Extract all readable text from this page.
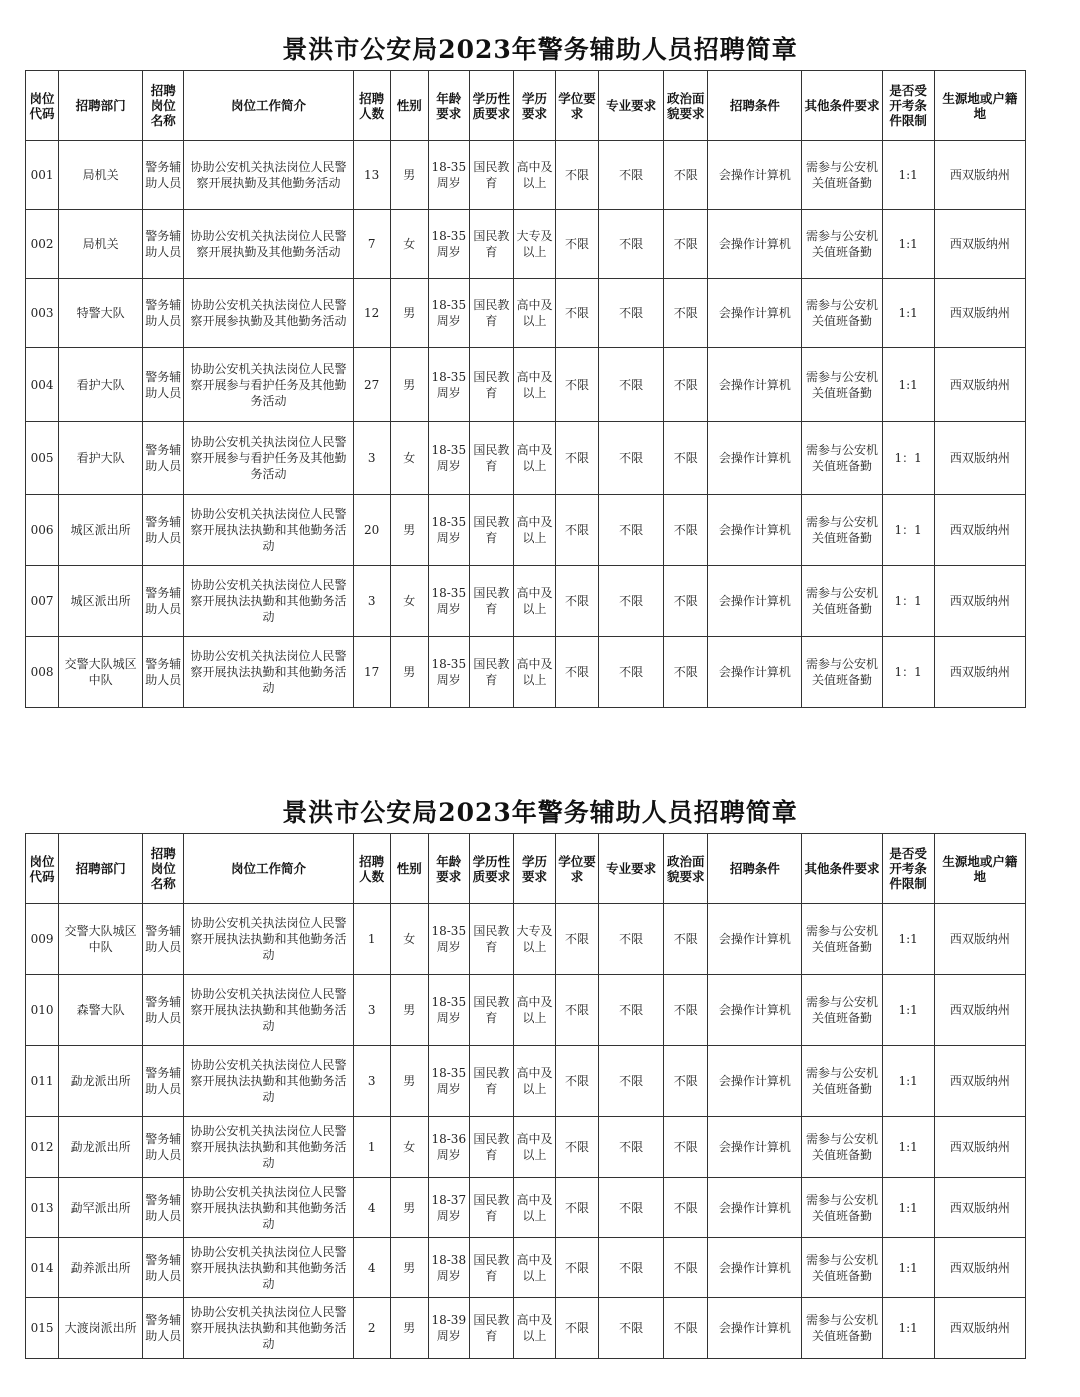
景洪市公安局2023年警务辅助人员招聘简章
岗位代码	招聘部门	招聘岗位名称	岗位工作简介	招聘人数	性别	年龄要求	学历性质要求	学历要求	学位要求	专业要求	政治面貌要求	招聘条件	其他条件要求	是否受开考条件限制	生源地或户籍地
001	局机关	警务辅助人员	协助公安机关执法岗位人民警察开展执勤及其他勤务活动	13	男	18-35周岁	国民教育	高中及以上	不限	不限	不限	会操作计算机	需参与公安机关值班备勤	1:1	西双版纳州
002	局机关	警务辅助人员	协助公安机关执法岗位人民警察开展执勤及其他勤务活动	7	女	18-35周岁	国民教育	大专及以上	不限	不限	不限	会操作计算机	需参与公安机关值班备勤	1:1	西双版纳州
003	特警大队	警务辅助人员	协助公安机关执法岗位人民警察开展参执勤及其他勤务活动	12	男	18-35周岁	国民教育	高中及以上	不限	不限	不限	会操作计算机	需参与公安机关值班备勤	1:1	西双版纳州
004	看护大队	警务辅助人员	协助公安机关执法岗位人民警察开展参与看护任务及其他勤务活动	27	男	18-35周岁	国民教育	高中及以上	不限	不限	不限	会操作计算机	需参与公安机关值班备勤	1:1	西双版纳州
005	看护大队	警务辅助人员	协助公安机关执法岗位人民警察开展参与看护任务及其他勤务活动	3	女	18-35周岁	国民教育	高中及以上	不限	不限	不限	会操作计算机	需参与公安机关值班备勤	1：1	西双版纳州
006	城区派出所	警务辅助人员	协助公安机关执法岗位人民警察开展执法执勤和其他勤务活动	20	男	18-35周岁	国民教育	高中及以上	不限	不限	不限	会操作计算机	需参与公安机关值班备勤	1：1	西双版纳州
007	城区派出所	警务辅助人员	协助公安机关执法岗位人民警察开展执法执勤和其他勤务活动	3	女	18-35周岁	国民教育	高中及以上	不限	不限	不限	会操作计算机	需参与公安机关值班备勤	1：1	西双版纳州
008	交警大队城区中队	警务辅助人员	协助公安机关执法岗位人民警察开展执法执勤和其他勤务活动	17	男	18-35周岁	国民教育	高中及以上	不限	不限	不限	会操作计算机	需参与公安机关值班备勤	1：1	西双版纳州
景洪市公安局2023年警务辅助人员招聘简章
岗位代码	招聘部门	招聘岗位名称	岗位工作简介	招聘人数	性别	年龄要求	学历性质要求	学历要求	学位要求	专业要求	政治面貌要求	招聘条件	其他条件要求	是否受开考条件限制	生源地或户籍地
009	交警大队城区中队	警务辅助人员	协助公安机关执法岗位人民警察开展执法执勤和其他勤务活动	1	女	18-35周岁	国民教育	大专及以上	不限	不限	不限	会操作计算机	需参与公安机关值班备勤	1:1	西双版纳州
010	森警大队	警务辅助人员	协助公安机关执法岗位人民警察开展执法执勤和其他勤务活动	3	男	18-35周岁	国民教育	高中及以上	不限	不限	不限	会操作计算机	需参与公安机关值班备勤	1:1	西双版纳州
011	勐龙派出所	警务辅助人员	协助公安机关执法岗位人民警察开展执法执勤和其他勤务活动	3	男	18-35周岁	国民教育	高中及以上	不限	不限	不限	会操作计算机	需参与公安机关值班备勤	1:1	西双版纳州
012	勐龙派出所	警务辅助人员	协助公安机关执法岗位人民警察开展执法执勤和其他勤务活动	1	女	18-36周岁	国民教育	高中及以上	不限	不限	不限	会操作计算机	需参与公安机关值班备勤	1:1	西双版纳州
013	勐罕派出所	警务辅助人员	协助公安机关执法岗位人民警察开展执法执勤和其他勤务活动	4	男	18-37周岁	国民教育	高中及以上	不限	不限	不限	会操作计算机	需参与公安机关值班备勤	1:1	西双版纳州
014	勐养派出所	警务辅助人员	协助公安机关执法岗位人民警察开展执法执勤和其他勤务活动	4	男	18-38周岁	国民教育	高中及以上	不限	不限	不限	会操作计算机	需参与公安机关值班备勤	1:1	西双版纳州
015	大渡岗派出所	警务辅助人员	协助公安机关执法岗位人民警察开展执法执勤和其他勤务活动	2	男	18-39周岁	国民教育	高中及以上	不限	不限	不限	会操作计算机	需参与公安机关值班备勤	1:1	西双版纳州
